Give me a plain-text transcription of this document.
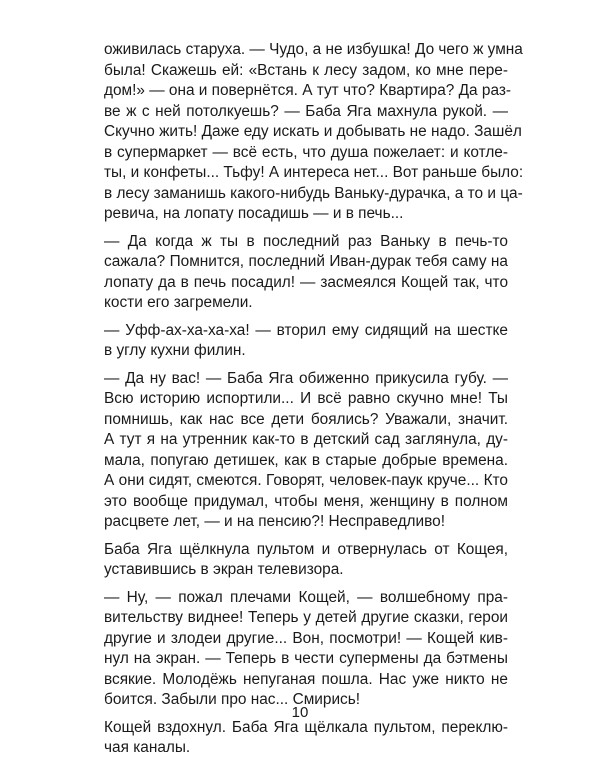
оживилась старуха. — Чудо, а не избушка! До чего ж умна
была! Скажешь ей: «Встань к лесу задом, ко мне пере-
дом!» — она и повернётся. А тут что? Квартира? Да раз-
ве ж с ней потолкуешь? — Баба Яга махнула рукой. —
Скучно жить! Даже еду искать и добывать не надо. Зашёл
в супермаркет — всё есть, что душа пожелает: и котле-
ты, и конфеты... Тьфу! А интереса нет... Вот раньше было:
в лесу заманишь какого-нибудь Ваньку-дурачка, а то и ца-
ревича, на лопату посадишь — и в печь...
— Да когда ж ты в последний раз Ваньку в печь-то
сажала? Помнится, последний Иван-дурак тебя саму на
лопату да в печь посадил! — засмеялся Кощей так, что
кости его загремели.
— Уфф-ах-ха-ха-ха! — вторил ему сидящий на шестке
в углу кухни филин.
— Да ну вас! — Баба Яга обиженно прикусила губу. —
Всю историю испортили... И всё равно скучно мне! Ты
помнишь, как нас все дети боялись? Уважали, значит.
А тут я на утренник как-то в детский сад заглянула, ду-
мала, попугаю детишек, как в старые добрые времена.
А они сидят, смеются. Говорят, человек-паук круче... Кто
это вообще придумал, чтобы меня, женщину в полном
расцвете лет, — и на пенсию?! Несправедливо!
Баба Яга щёлкнула пультом и отвернулась от Кощея,
уставившись в экран телевизора.
— Ну, — пожал плечами Кощей, — волшебному пра-
вительству виднее! Теперь у детей другие сказки, герои
другие и злодеи другие... Вон, посмотри! — Кощей кив-
нул на экран. — Теперь в чести супермены да бэтмены
всякие. Молодёжь непуганая пошла. Нас уже никто не
боится. Забыли про нас... Смирись!
Кощей вздохнул. Баба Яга щёлкала пультом, переклю-
чая каналы.
10
